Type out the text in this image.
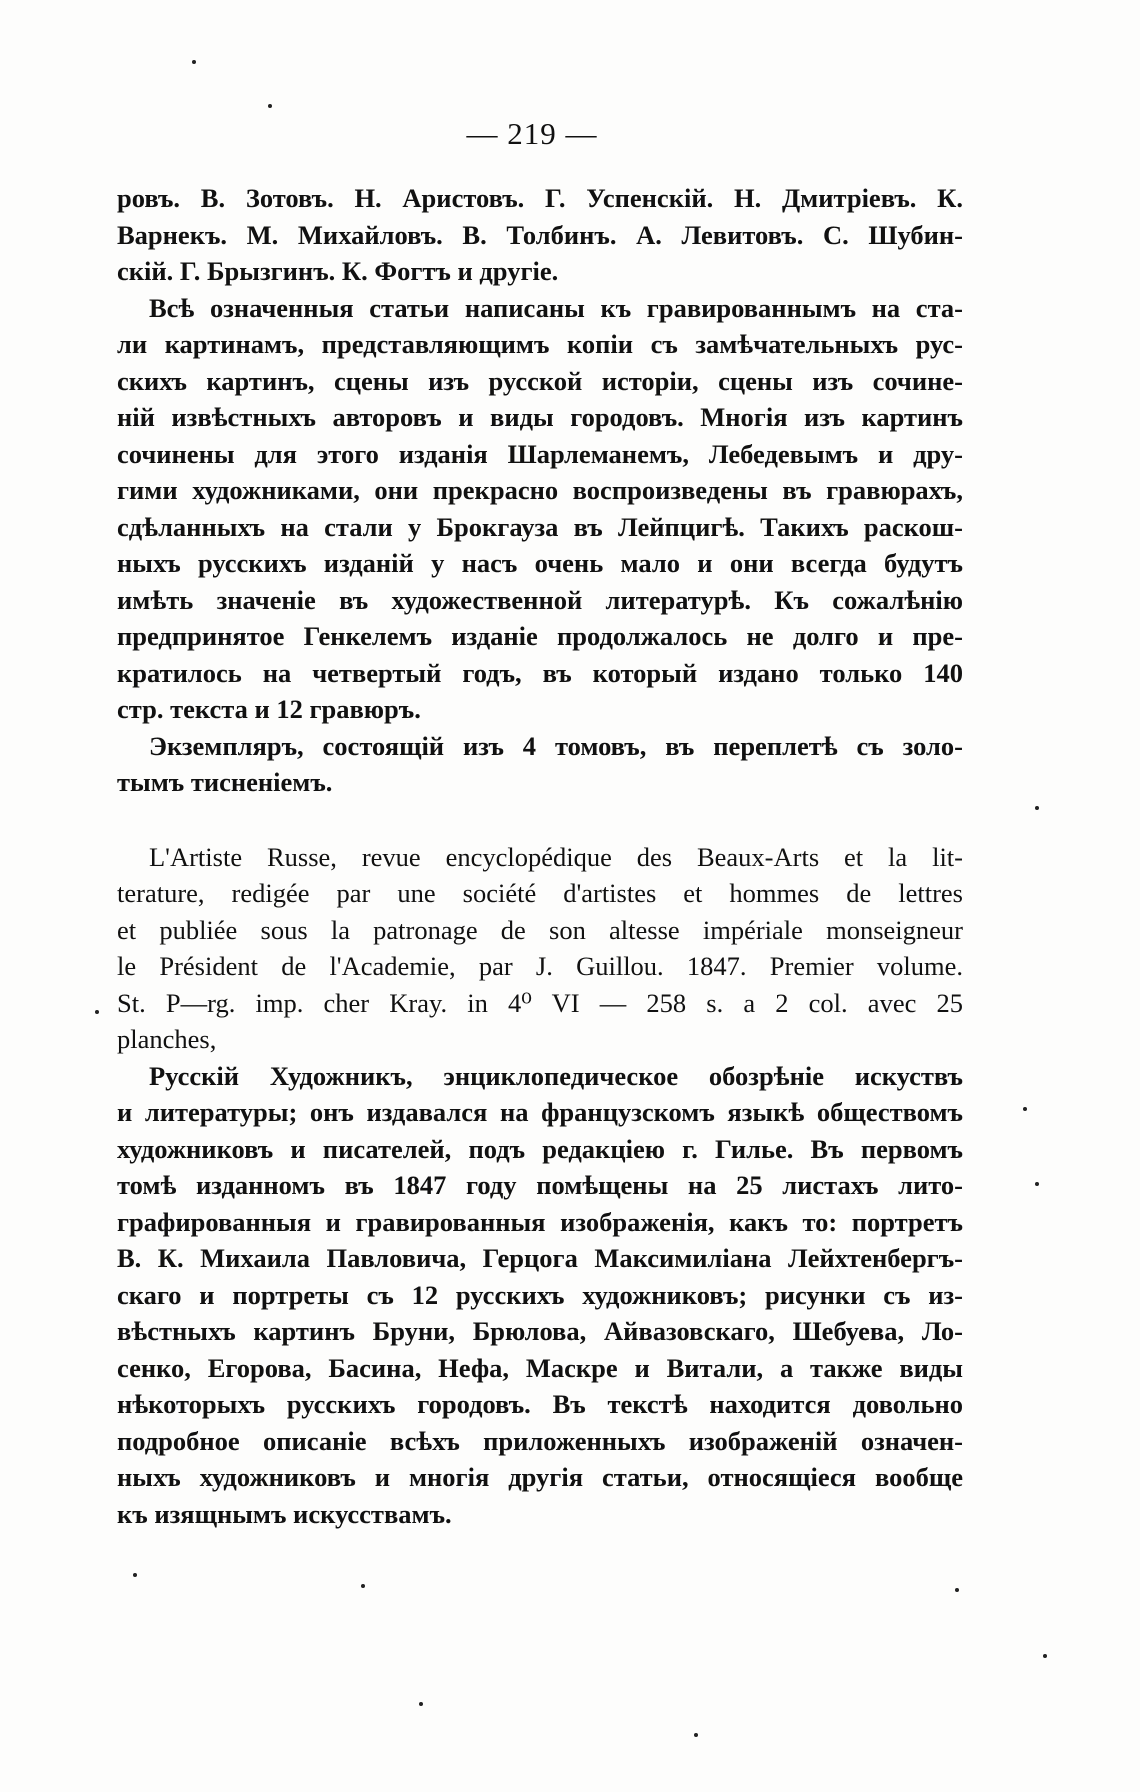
— 219 —
ровъ. В. Зотовъ. Н. Аристовъ. Г. Успенскій. Н. Дмитріевъ. К.
Варнекъ. М. Михайловъ. В. Толбинъ. А. Левитовъ. С. Шубин-
скій. Г. Брызгинъ. К. Фогтъ и другіе.
Всѣ означенныя статьи написаны къ гравированнымъ на ста-
ли картинамъ, представляющимъ копіи съ замѣчательныхъ рус-
скихъ картинъ, сцены изъ русской исторіи, сцены изъ сочине-
ній извѣстныхъ авторовъ и виды городовъ. Многія изъ картинъ
сочинены для этого изданія Шарлеманемъ, Лебедевымъ и дру-
гими художниками, они прекрасно воспроизведены въ гравюрахъ,
сдѣланныхъ на стали у Брокгауза въ Лейпцигѣ. Такихъ раскош-
ныхъ русскихъ изданій у насъ очень мало и они всегда будутъ
имѣть значеніе въ художественной литературѣ. Къ сожалѣнію
предпринятое Генкелемъ изданіе продолжалось не долго и пре-
кратилось на четвертый годъ, въ который издано только 140
стр. текста и 12 гравюръ.
Экземпляръ, состоящій изъ 4 томовъ, въ переплетѣ съ золо-
тымъ тисненіемъ.
L'Artiste Russe, revue encyclopédique des Beaux-Arts et la lit-
terature, redigée par une société d'artistes et hommes de lettres
et publiée sous la patronage de son altesse impériale monseigneur
le Président de l'Academie, par J. Guillou. 1847. Premier volume.
St. P—rg. imp. cher Kray. in 4⁰ VI — 258 s. a 2 col. avec 25
planches,
Русскій Художникъ, энциклопедическое обозрѣніе искуствъ
и литературы; онъ издавался на французскомъ языкѣ обществомъ
художниковъ и писателей, подъ редакціею г. Гилье. Въ первомъ
томѣ изданномъ въ 1847 году помѣщены на 25 листахъ лито-
графированныя и гравированныя изображенія, какъ то: портретъ
В. К. Михаила Павловича, Герцога Максимиліана Лейхтенбергъ-
скаго и портреты съ 12 русскихъ художниковъ; рисунки съ из-
вѣстныхъ картинъ Бруни, Брюлова, Айвазовскаго, Шебуева, Ло-
сенко, Егорова, Басина, Нефа, Маскре и Витали, а также виды
нѣкоторыхъ русскихъ городовъ. Въ текстѣ находится довольно
подробное описаніе всѣхъ приложенныхъ изображеній означен-
ныхъ художниковъ и многія другія статьи, относящіеся вообще
къ изящнымъ искусствамъ.
